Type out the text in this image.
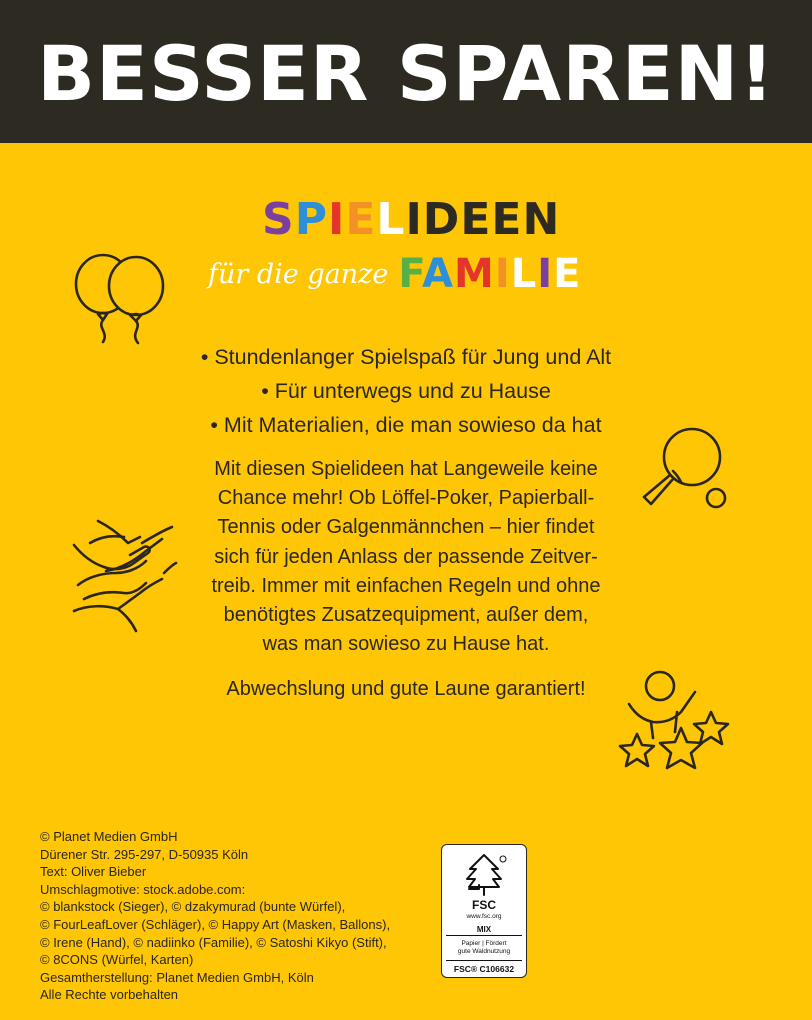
BESSER SPAREN!
SPIELIDEEN
für die ganze FAMILIE
• Stundenlanger Spielspaß für Jung und Alt
• Für unterwegs und zu Hause
• Mit Materialien, die man sowieso da hat
Mit diesen Spielideen hat Langeweile keine
Chance mehr! Ob Löffel-Poker, Papierball-
Tennis oder Galgenmännchen – hier findet
sich für jeden Anlass der passende Zeitver-
treib. Immer mit einfachen Regeln und ohne
benötigtes Zusatzequipment, außer dem,
was man sowieso zu Hause hat.
Abwechslung und gute Laune garantiert!
© Planet Medien GmbH
Dürener Str. 295-297, D-50935 Köln
Text: Oliver Bieber
Umschlagmotive: stock.adobe.com:
© blankstock (Sieger), © dzakymurad (bunte Würfel),
© FourLeafLover (Schläger), © Happy Art (Masken, Ballons),
© Irene (Hand), © nadiinko (Familie), © Satoshi Kikyo (Stift),
© 8CONS (Würfel, Karten)
Gesamtherstellung: Planet Medien GmbH, Köln
Alle Rechte vorbehalten
FSC
www.fsc.org
MIX
Papier | Fördert
gute Waldnutzung
FSC® C106632
